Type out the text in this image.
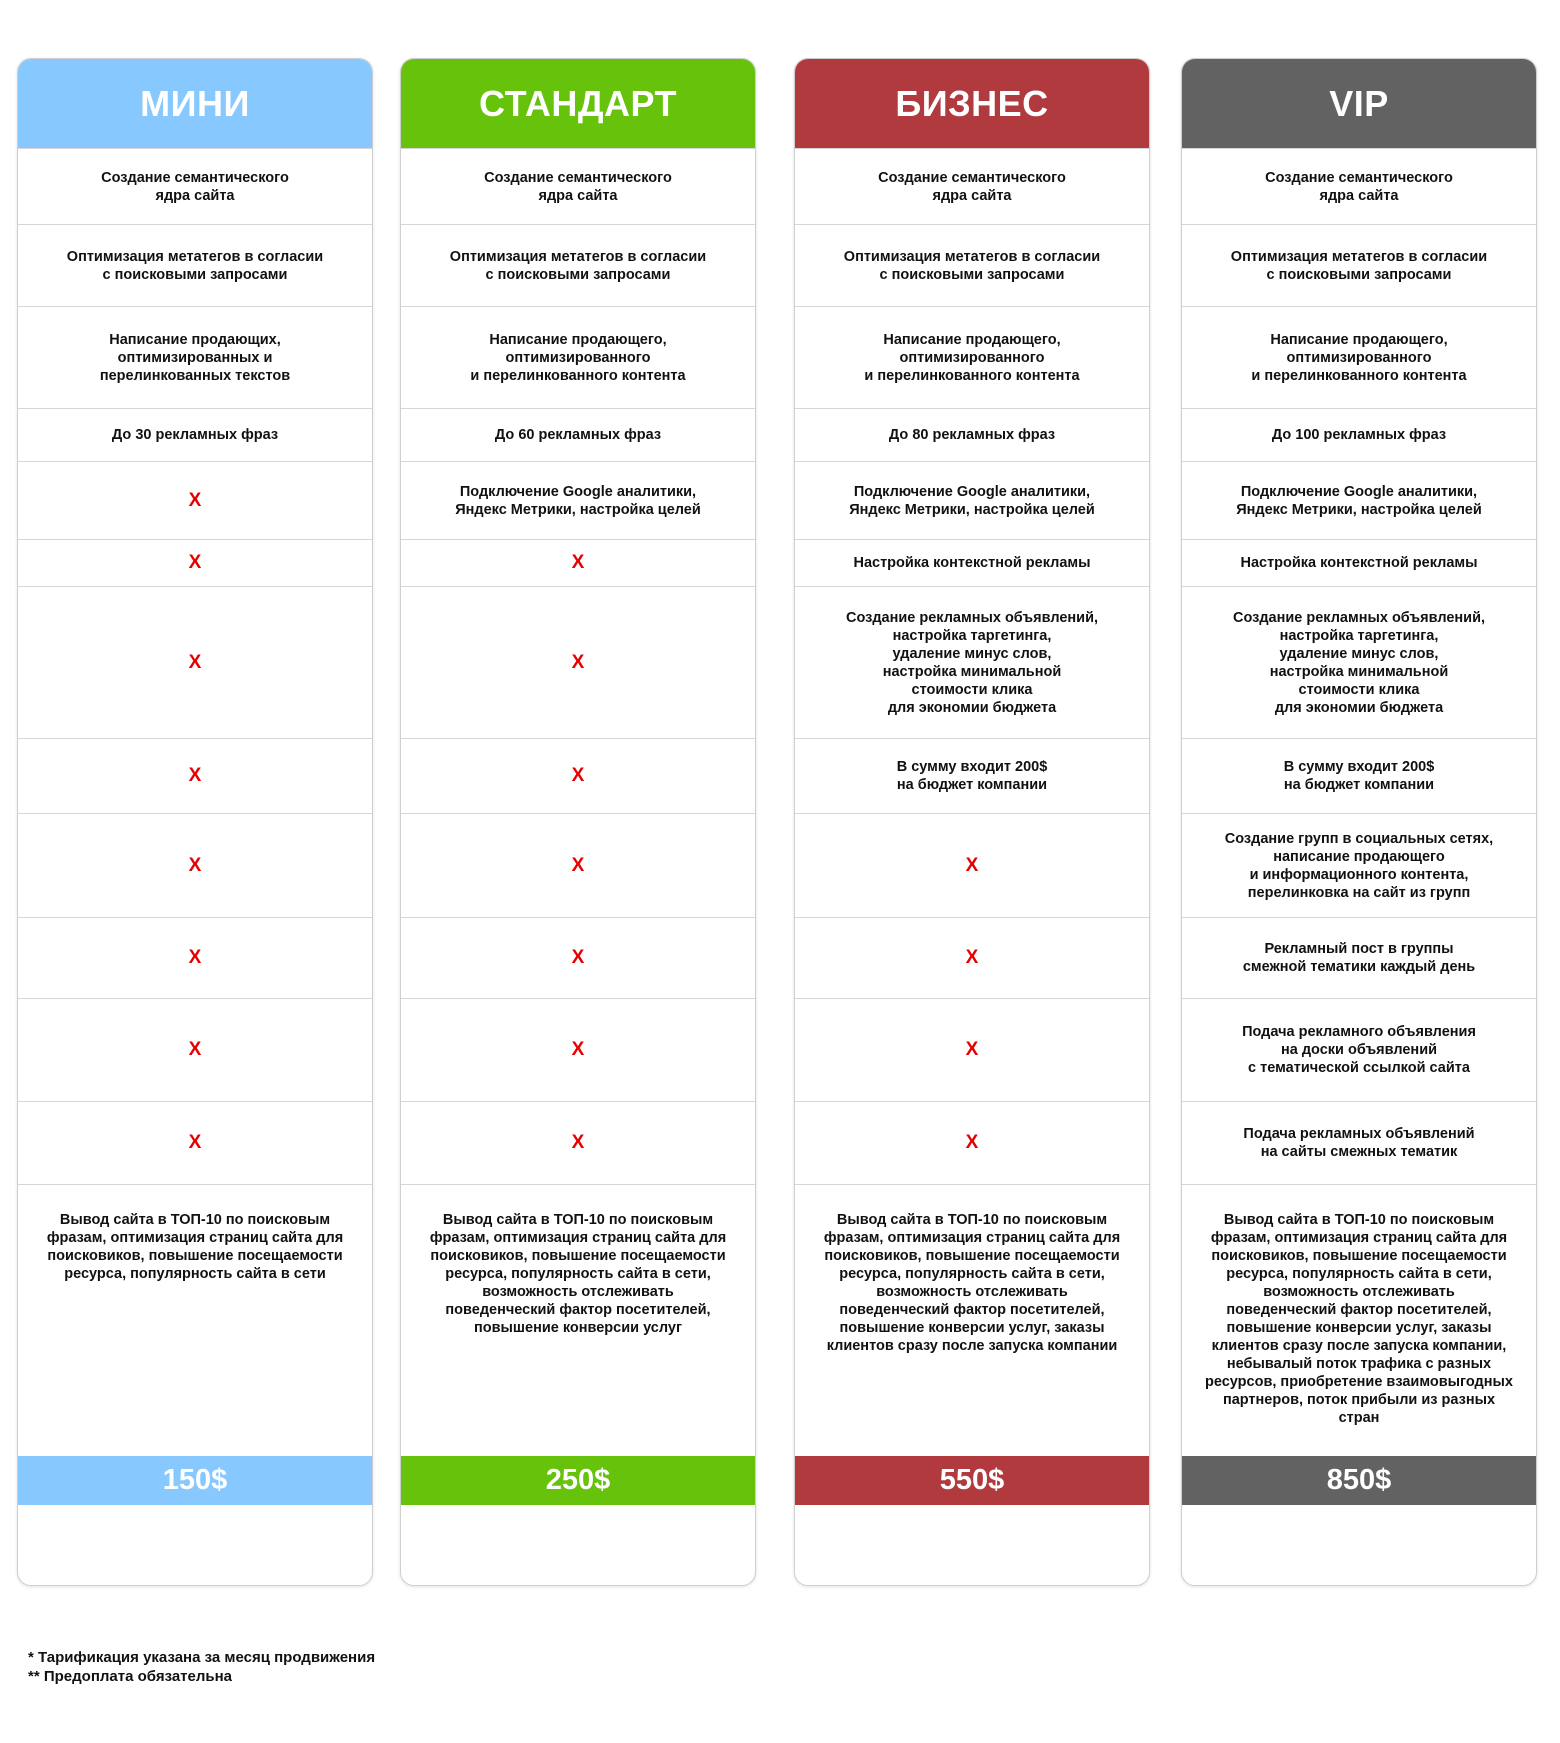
МИНИ
Создание семантического
ядра сайта
Оптимизация метатегов в согласии
с поисковыми запросами
Написание продающих,
оптимизированных и
перелинкованных текстов
До 30 рекламных фраз
X
X
X
X
X
X
X
X
Вывод сайта в ТОП-10 по поисковым
фразам, оптимизация страниц сайта для
поисковиков, повышение посещаемости
ресурса, популярность сайта в сети
150$
СТАНДАРТ
Создание семантического
ядра сайта
Оптимизация метатегов в согласии
с поисковыми запросами
Написание продающего,
оптимизированного
и перелинкованного контента
До 60 рекламных фраз
Подключение Google аналитики,
Яндекс Метрики, настройка целей
X
X
X
X
X
X
X
Вывод сайта в ТОП-10 по поисковым
фразам, оптимизация страниц сайта для
поисковиков, повышение посещаемости
ресурса, популярность сайта в сети,
возможность отслеживать
поведенческий фактор посетителей,
повышение конверсии услуг
250$
БИЗНЕС
Создание семантического
ядра сайта
Оптимизация метатегов в согласии
с поисковыми запросами
Написание продающего,
оптимизированного
и перелинкованного контента
До 80 рекламных фраз
Подключение Google аналитики,
Яндекс Метрики, настройка целей
Настройка контекстной рекламы
Создание рекламных объявлений,
настройка таргетинга,
удаление минус слов,
настройка минимальной
стоимости клика
для экономии бюджета
В сумму входит 200$
на бюджет компании
X
X
X
X
Вывод сайта в ТОП-10 по поисковым
фразам, оптимизация страниц сайта для
поисковиков, повышение посещаемости
ресурса, популярность сайта в сети,
возможность отслеживать
поведенческий фактор посетителей,
повышение конверсии услуг, заказы
клиентов сразу после запуска компании
550$
VIP
Создание семантического
ядра сайта
Оптимизация метатегов в согласии
с поисковыми запросами
Написание продающего,
оптимизированного
и перелинкованного контента
До 100 рекламных фраз
Подключение Google аналитики,
Яндекс Метрики, настройка целей
Настройка контекстной рекламы
Создание рекламных объявлений,
настройка таргетинга,
удаление минус слов,
настройка минимальной
стоимости клика
для экономии бюджета
В сумму входит 200$
на бюджет компании
Создание групп в социальных сетях,
написание продающего
и информационного контента,
перелинковка на сайт из групп
Рекламный пост в группы
смежной тематики каждый день
Подача рекламного объявления
на доски объявлений
с тематической ссылкой сайта
Подача рекламных объявлений
на сайты смежных тематик
Вывод сайта в ТОП-10 по поисковым
фразам, оптимизация страниц сайта для
поисковиков, повышение посещаемости
ресурса, популярность сайта в сети,
возможность отслеживать
поведенческий фактор посетителей,
повышение конверсии услуг, заказы
клиентов сразу после запуска компании,
небывалый поток трафика с разных
ресурсов, приобретение взаимовыгодных
партнеров, поток прибыли из разных
стран
850$
* Тарификация указана за месяц продвижения
** Предоплата обязательна
